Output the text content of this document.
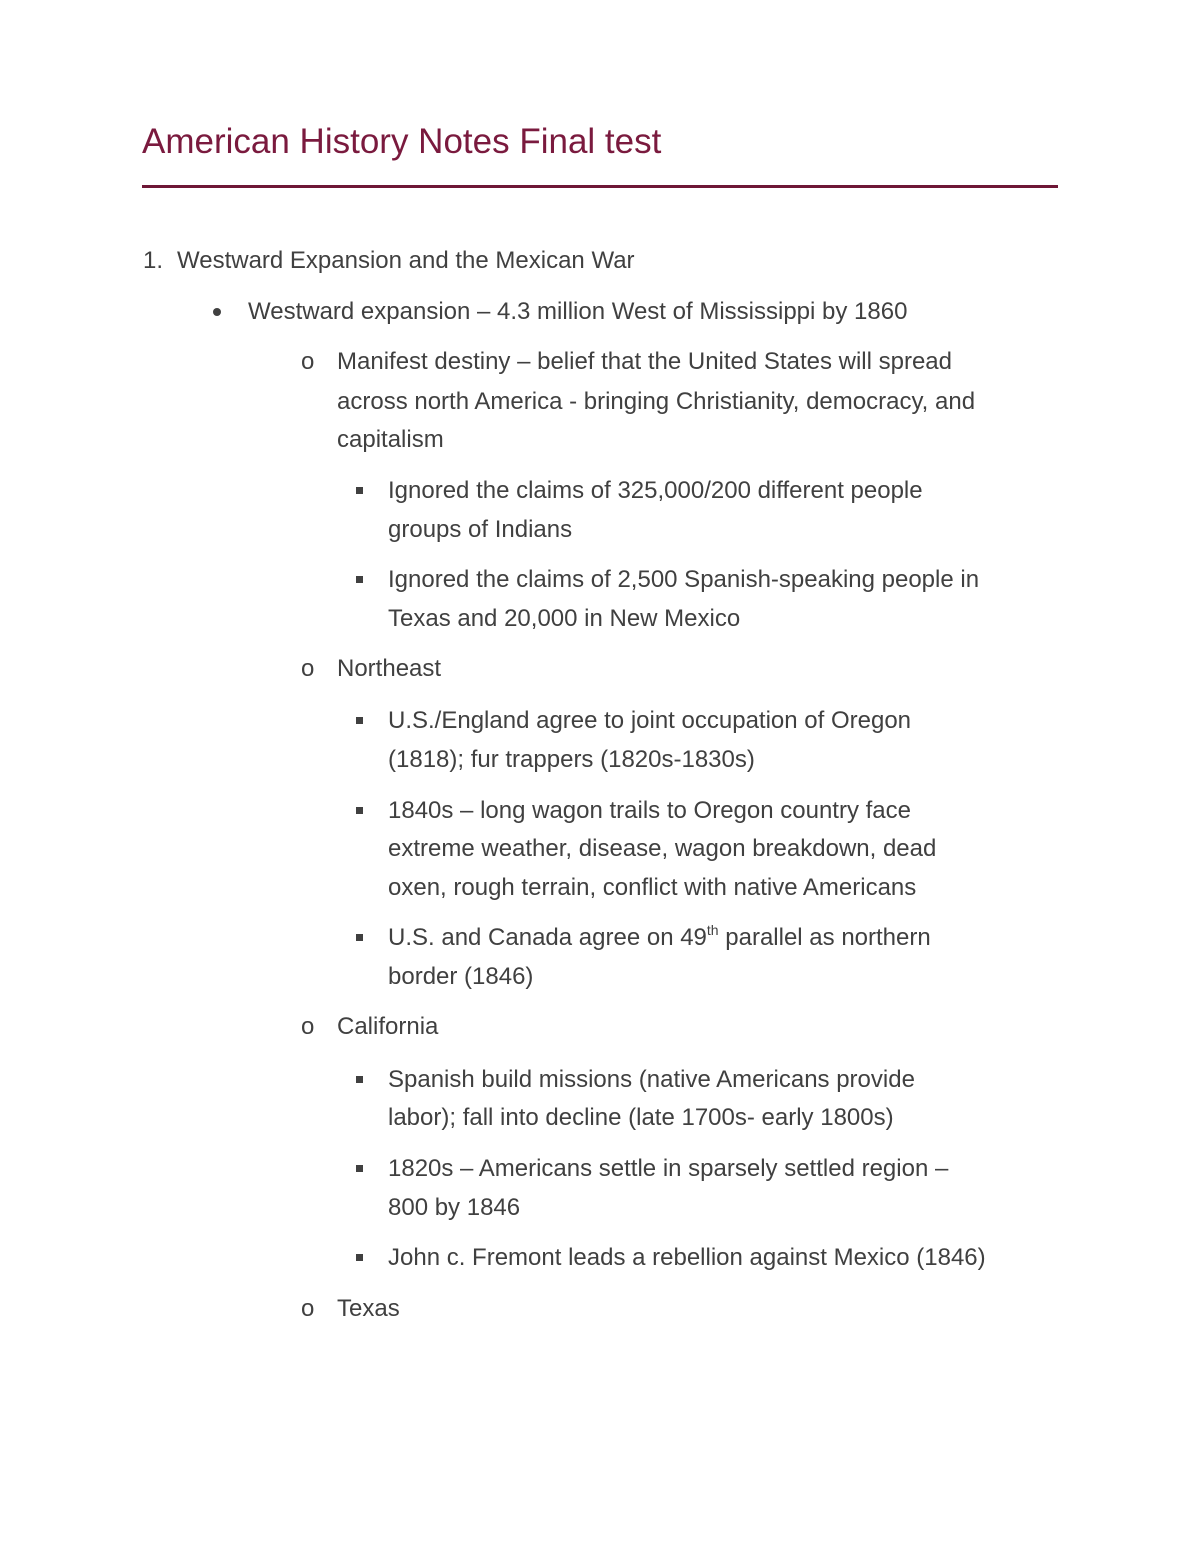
American History Notes Final test
1. Westward Expansion and the Mexican War
Westward expansion – 4.3 million West of Mississippi by 1860
o Manifest destiny – belief that the United States will spread
across north America - bringing Christianity, democracy, and
capitalism
Ignored the claims of 325,000/200 different people
groups of Indians
Ignored the claims of 2,500 Spanish-speaking people in
Texas and 20,000 in New Mexico
o Northeast
U.S./England agree to joint occupation of Oregon
(1818); fur trappers (1820s-1830s)
1840s – long wagon trails to Oregon country face
extreme weather, disease, wagon breakdown, dead
oxen, rough terrain, conflict with native Americans
U.S. and Canada agree on 49th parallel as northern
border (1846)
o California
Spanish build missions (native Americans provide
labor); fall into decline (late 1700s- early 1800s)
1820s – Americans settle in sparsely settled region –
800 by 1846
John c. Fremont leads a rebellion against Mexico (1846)
o Texas
